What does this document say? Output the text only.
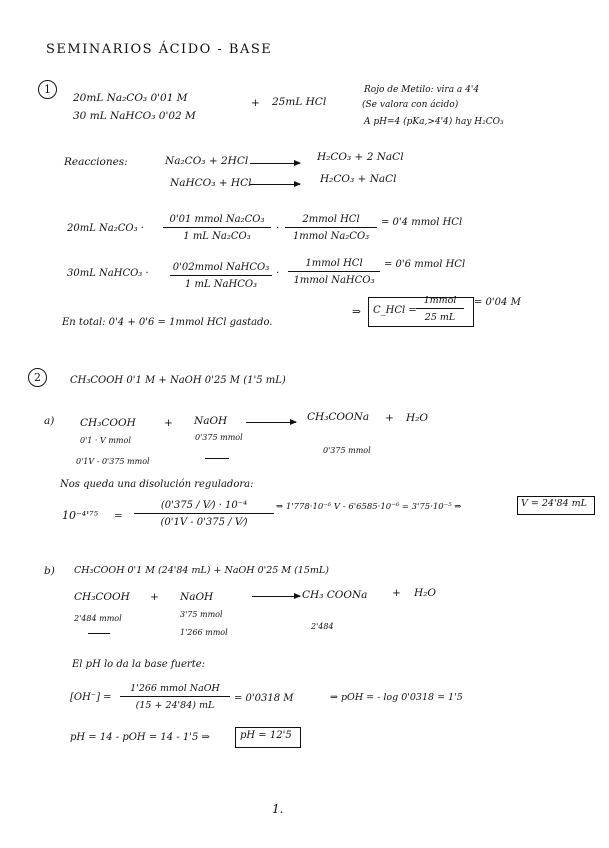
SEMINARIOS ÁCIDO - BASE
1
20mL Na₂CO₃ 0'01 M
30 mL NaHCO₃ 0'02 M
+ 25mL HCl
Rojo de Metilo: vira a 4'4
(Se valora con ácido)
A pH=4 (pKa,>4'4) hay H₂CO₃
Reacciones:	Na₂CO₃ + 2HCl	H₂CO₃ + 2 NaCl
NaHCO₃ + HCl	H₂CO₃ + NaCl
20mL Na₂CO₃ ·
0'01 mmol Na₂CO₃
1 mL Na₂CO₃
·
2mmol HCl
1mmol Na₂CO₃
= 0'4 mmol HCl
30mL NaHCO₃ ·
0'02mmol NaHCO₃
1 mL NaHCO₃
·
1mmol HCl
1mmol NaHCO₃
= 0'6 mmol HCl
En total: 0'4 + 0'6 = 1mmol HCl gastado.
⇒ C_HCl =
1mmol
25 mL
= 0'04 M
2	CH₃COOH 0'1 M + NaOH 0'25 M (1'5 mL)
a) CH₃COOH	+ NaOH	CH₃COONa + H₂O
0'1 · V mmol	0'375 mmol
0'1V - 0'375 mmol
0'375 mmol
Nos queda una disolución reguladora:
$10^{-4}'^{75} = \frac{\text{(0'375 / V⁄) · 10⁻⁴}}{(0'1V - 0'375 / V⁄)}$ ⇒ 1'778·10⁻⁶ V - 6'6585·10⁻⁶ = 3'75·10⁻⁵ ⇒	V = 24'84 mL
b) CH₃COOH 0'1 M (24'84 mL) + NaOH 0'25 M (15mL)
CH₃COOH + NaOH	CH₃ COONa + H₂O
2'484 mmol	3'75 mmol
1'266 mmol
2'484
El pH lo da la base fuerte:
[OH⁻] =
1'266 mmol NaOH
(15 + 24'84) mL
= 0'0318 M	⇒ pOH = - log 0'0318 = 1'5
pH = 14 - pOH = 14 - 1'5 ⇒	pH = 12'5
1.
